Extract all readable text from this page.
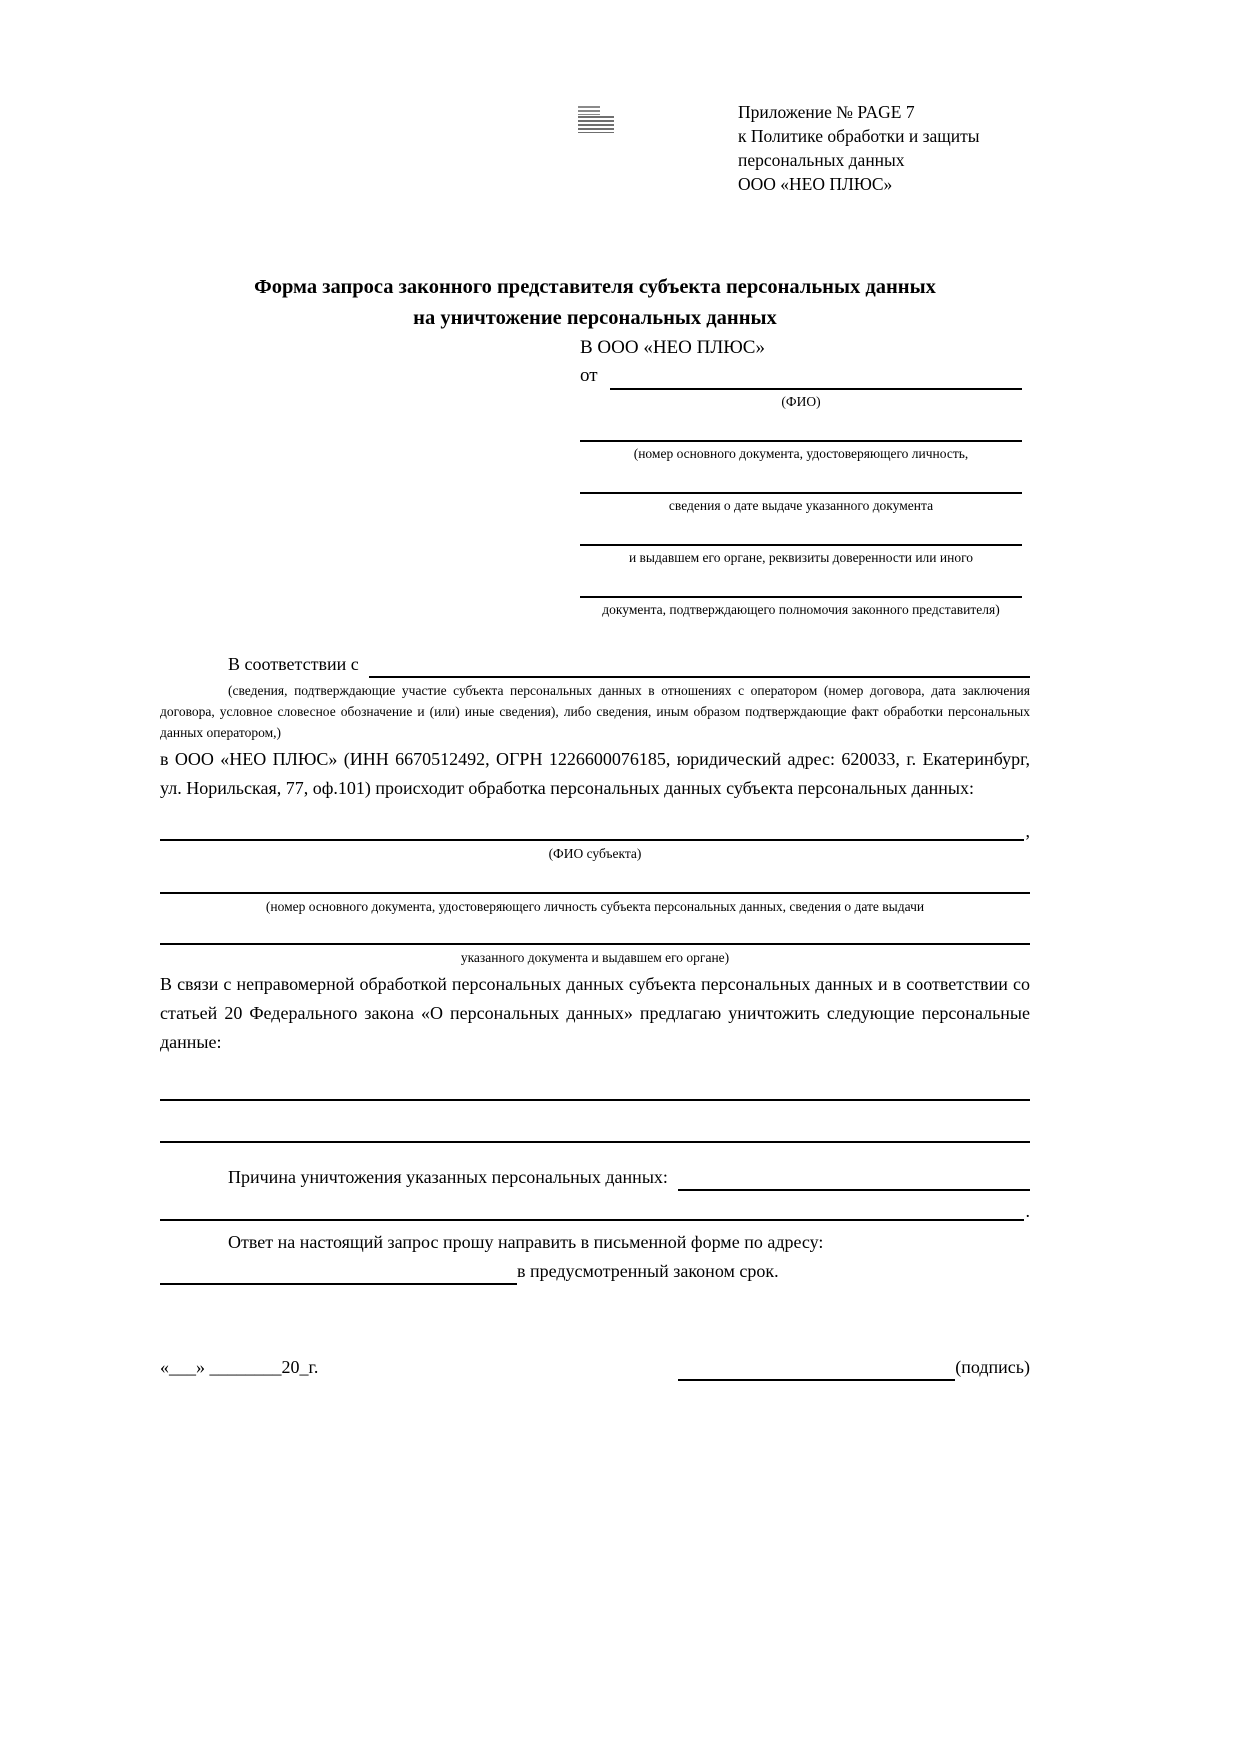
Приложение № PAGE 7
к Политике обработки и защиты
персональных данных
ООО «НЕО ПЛЮС»
Форма запроса законного представителя субъекта персональных данных
на уничтожение персональных данных
В ООО «НЕО ПЛЮС»
от
(ФИО)
(номер основного документа, удостоверяющего личность,
сведения о дате выдаче указанного документа
и выдавшем его органе, реквизиты доверенности или иного
документа, подтверждающего полномочия законного представителя)
В соответствии с
(сведения, подтверждающие участие субъекта персональных данных в отношениях с оператором (номер договора, дата заключения договора, условное словесное обозначение и (или) иные сведения), либо сведения, иным образом подтверждающие факт обработки персональных данных оператором,)
в ООО «НЕО ПЛЮС» (ИНН 6670512492, ОГРН 1226600076185, юридический адрес: 620033, г. Екатеринбург, ул. Норильская, 77, оф.101) происходит обработка персональных данных субъекта персональных данных:
,
(ФИО субъекта)
(номер основного документа, удостоверяющего личность субъекта персональных данных, сведения о дате выдачи
указанного документа и выдавшем его органе)
В связи с неправомерной обработкой персональных данных субъекта персональных данных и в соответствии со статьей 20 Федерального закона «О персональных данных» предлагаю уничтожить следующие персональные данные:
Причина уничтожения указанных персональных данных:
.
Ответ на настоящий запрос прошу направить в письменной форме по адресу:
в предусмотренный законом срок.
«___» ________20_г.	(подпись)
